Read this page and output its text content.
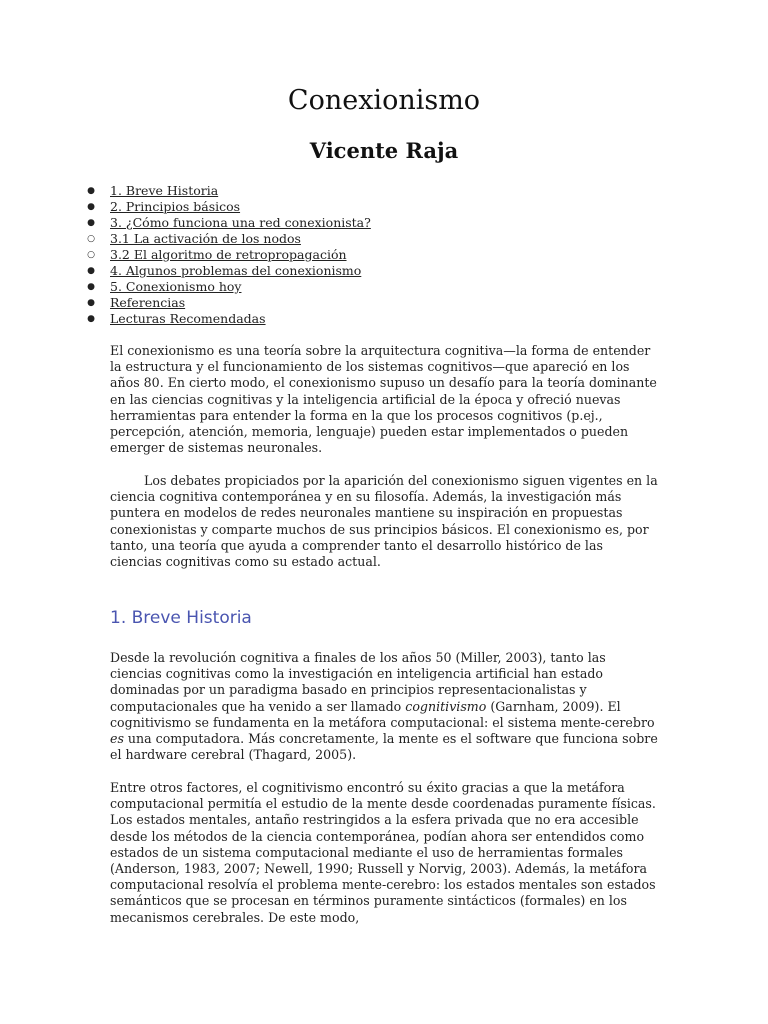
Conexionismo
Vicente Raja
● 1. Breve Historia
● 2. Principios básicos
● 3. ¿Cómo funciona una red conexionista?
○ 3.1 La activación de los nodos
○ 3.2 El algoritmo de retropropagación
● 4. Algunos problemas del conexionismo
● 5. Conexionismo hoy
● Referencias
● Lecturas Recomendadas

El conexionismo es una teoría sobre la arquitectura cognitiva—la forma de entender la estructura y el funcionamiento de los sistemas cognitivos—que apareció en los años 80. En cierto modo, el conexionismo supuso un desafío para la teoría dominante en las ciencias cognitivas y la inteligencia artificial de la época y ofreció nuevas herramientas para entender la forma en la que los procesos cognitivos (p.ej., percepción, atención, memoria, lenguaje) pueden estar implementados o pueden emerger de sistemas neuronales.

Los debates propiciados por la aparición del conexionismo siguen vigentes en la ciencia cognitiva contemporánea y en su filosofía. Además, la investigación más puntera en modelos de redes neuronales mantiene su inspiración en propuestas conexionistas y comparte muchos de sus principios básicos. El conexionismo es, por tanto, una teoría que ayuda a comprender tanto el desarrollo histórico de las ciencias cognitivas como su estado actual.

1. Breve Historia

Desde la revolución cognitiva a finales de los años 50 (Miller, 2003), tanto las ciencias cognitivas como la investigación en inteligencia artificial han estado dominadas por un paradigma basado en principios representacionalistas y computacionales que ha venido a ser llamado cognitivismo (Garnham, 2009). El cognitivismo se fundamenta en la metáfora computacional: el sistema mente-cerebro es una computadora. Más concretamente, la mente es el software que funciona sobre el hardware cerebral (Thagard, 2005).

Entre otros factores, el cognitivismo encontró su éxito gracias a que la metáfora computacional permitía el estudio de la mente desde coordenadas puramente físicas. Los estados mentales, antaño restringidos a la esfera privada que no era accesible desde los métodos de la ciencia contemporánea, podían ahora ser entendidos como estados de un sistema computacional mediante el uso de herramientas formales (Anderson, 1983, 2007; Newell, 1990; Russell y Norvig, 2003). Además, la metáfora computacional resolvía el problema mente-cerebro: los estados mentales son estados semánticos que se procesan en términos puramente sintácticos (formales) en los mecanismos cerebrales. De este modo,
